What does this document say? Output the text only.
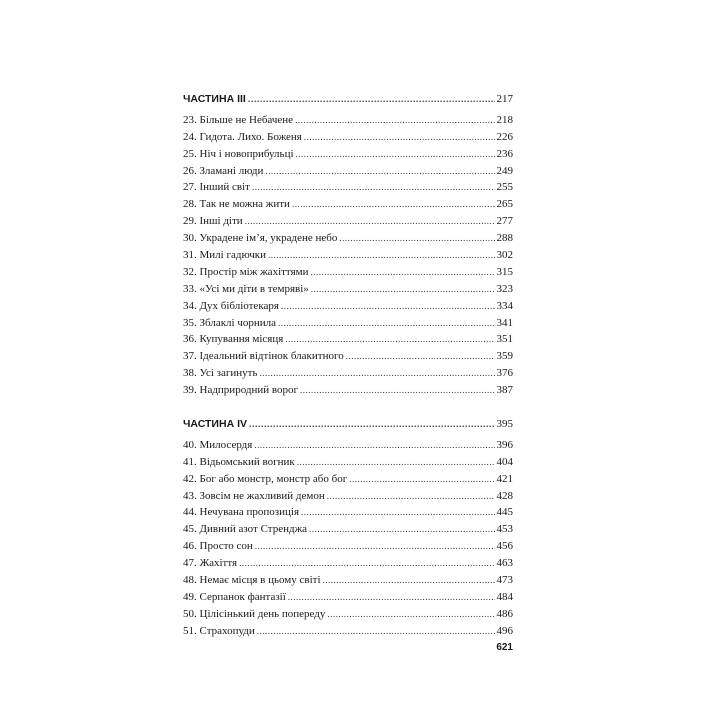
ЧАСТИНА ІІІ .....	217
23. Більше не Небачене .....	218
24. Гидота. Лихо. Боженя .....	226
25. Ніч і новоприбульці .....	236
26. Зламані люди .....	249
27. Інший світ .....	255
28. Так не можна жити .....	265
29. Інші діти .....	277
30. Украдене ім’я, украдене небо .....	288
31. Милі гадючки .....	302
32. Простір між жахіттями .....	315
33. «Усі ми діти в темряві» .....	323
34. Дух бібліотекаря .....	334
35. Зблаклі чорнила .....	341
36. Купування місяця .....	351
37. Ідеальний відтінок блакитного .....	359
38. Усі загинуть .....	376
39. Надприродний ворог .....	387
ЧАСТИНА IV .....	395
40. Милосердя .....	396
41. Відьомський вогник .....	404
42. Бог або монстр, монстр або бог .....	421
43. Зовсім не жахливий демон .....	428
44. Нечувана пропозиція .....	445
45. Дивний азот Стренджа .....	453
46. Просто сон .....	456
47. Жахіття .....	463
48. Немає місця в цьому світі .....	473
49. Серпанок фантазії .....	484
50. Цілісінький день попереду .....	486
51. Страхопуди .....	496
621
